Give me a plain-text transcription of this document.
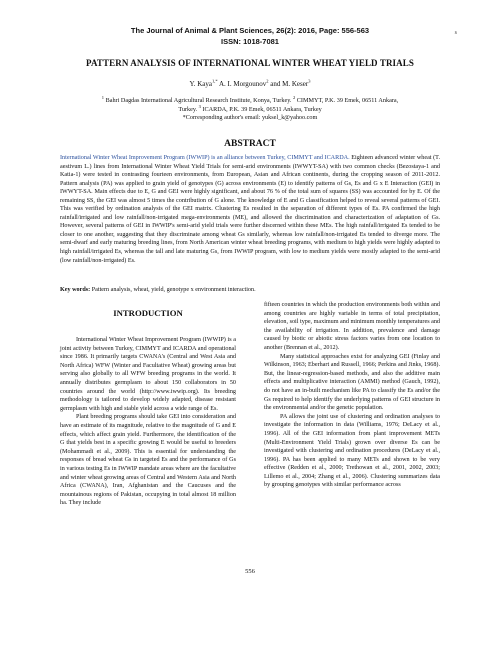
The Journal of Animal & Plant Sciences, 26(2): 2016, Page: 556-563
ISSN: 1018-7081
s
PATTERN ANALYSIS OF INTERNATIONAL WINTER WHEAT YIELD TRIALS
Y. Kaya$^{1,*}$ A. I. Morgounov$^2$ and M. Keser$^3$
$^1$ Bahri Dagdas International Agricultural Research Institute, Konya, Turkey. $^2$ CIMMYT, P.K. 39 Emek, 06511 Ankara,
Turkey. $^3$ ICARDA, P.K. 39 Emek, 06511 Ankara, Turkey
*Corresponding author's email: yuksel_k@yahoo.com
ABSTRACT
International Winter Wheat Improvement Program (IWWIP) is an alliance between Turkey, CIMMYT and ICARDA. Eighteen advanced winter wheat (T. aestivum L.) lines from International Winter Wheat Yield Trials for semi-arid environments (IWWYT-SA) with two common checks (Bezostaya-1 and Katia-1) were tested in contrasting fourteen environments, from European, Asian and African continents, during the cropping season of 2011-2012. Pattern analysis (PA) was applied to grain yield of genotypes (G) across environments (E) to identify patterns of Gs, Es and G x E Interaction (GEI) in IWWYT-SA. Main effects due to E, G and GEI were highly significant, and about 76 % of the total sum of squares (SS) was accounted for by E. Of the remaining SS, the GEI was almost 5 times the contribution of G alone. The knowledge of E and G classification helped to reveal several patterns of GEI. This was verified by ordination analysis of the GEI matrix. Clustering Es resulted in the separation of different types of Es. PA confirmed the high rainfall/irrigated and low rainfall/non-irrigated mega-environments (ME), and allowed the discrimination and characterization of adaptation of Gs. However, several patterns of GEI in IWWIP's semi-arid yield trials were further discerned within these MEs. The high rainfall/irrigated Es tended to be closer to one another, suggesting that they discriminate among wheat Gs similarly, whereas low rainfall/non-irrigated Es tended to diverge more. The semi-dwarf and early maturing breeding lines, from North American winter wheat breeding programs, with medium to high yields were highly adapted to high rainfall/irrigated Es, whereas the tall and late maturing Gs, from IWWIP program, with low to medium yields were mostly adapted to the semi-arid (low rainfall/non-irrigated) Es.
Key words: Pattern analysis, wheat, yield, genotype x environment interaction.
INTRODUCTION

International Winter Wheat Improvement Program (IWWIP) is a joint activity between Turkey, CIMMYT and ICARDA and operational since 1986. It primarily targets CWANA's (Central and West Asia and North Africa) WFW (Winter and Facultative Wheat) growing areas but serving also globally to all WFW breeding programs in the world. It annually distributes germplasm to about 150 collaborators in 50 countries around the world (http://www.iwwip.org). Its breeding methodology is tailored to develop widely adapted, disease resistant germplasm with high and stable yield across a wide range of Es.

Plant breeding programs should take GEI into consideration and have an estimate of its magnitude, relative to the magnitude of G and E effects, which affect grain yield. Furthermore, the identification of the G that yields best in a specific growing E would be useful to breeders (Mohammadi et al., 2009). This is essential for understanding the responses of bread wheat Gs in targeted Es and the performance of Gs in various testing Es in IWWIP mandate areas where are the facultative and winter wheat growing areas of Central and Western Asia and North Africa (CWANA), Iran, Afghanistan and the Caucuses and the mountainous regions of Pakistan, occupying in total almost 18 million ha. They include

fifteen countries in which the production environments both within and among countries are highly variable in terms of total precipitation, elevation, soil type, maximum and minimum monthly temperatures and the availability of irrigation. In addition, prevalence and damage caused by biotic or abiotic stress factors varies from one location to another (Brennan et al., 2012).

Many statistical approaches exist for analyzing GEI (Finlay and Wilkinson, 1963; Eberhart and Russell, 1966; Perkins and Jinks, 1968). But, the linear-regression-based methods, and also the additive main effects and multiplicative interaction (AMMI) method (Gauch, 1992), do not have an in-built mechanism like PA to classify the Es and/or the Gs required to help identify the underlying patterns of GEI structure in the environmental and/or the genetic population.

PA allows the joint use of clustering and ordination analyses to investigate the information in data (Williams, 1976; DeLacy et al., 1996). All of the GEI information from plant improvement METs (Multi-Environment Yield Trials) grown over diverse Es can be investigated with clustering and ordination procedures (DeLacy et al., 1996). PA has been applied to many METs and shown to be very effective (Redden et al., 2000; Trethowan et al., 2001, 2002, 2003; Lillemo et al., 2004; Zhang et al., 2006). Clustering summarizes data by grouping genotypes with similar performance across

556
